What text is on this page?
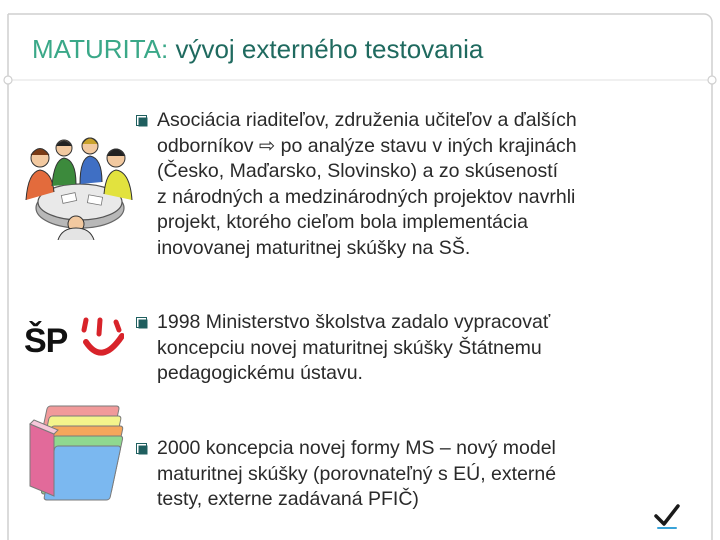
MATURITA: vývoj externého testovania
ŠP
Asociácia riaditeľov, združenia učiteľov a ďalších
odborníkov ⇨ po analýze stavu v iných krajinách
(Česko, Maďarsko, Slovinsko) a zo skúseností
z národných a medzinárodných projektov navrhli
projekt, ktorého cieľom bola implementácia
inovovanej maturitnej skúšky na SŠ.
1998 Ministerstvo školstva zadalo vypracovať
koncepciu novej maturitnej skúšky Štátnemu
pedagogickému ústavu.
2000 koncepcia novej formy MS – nový model
maturitnej skúšky (porovnateľný s EÚ, externé
testy, externe zadávaná PFIČ)
